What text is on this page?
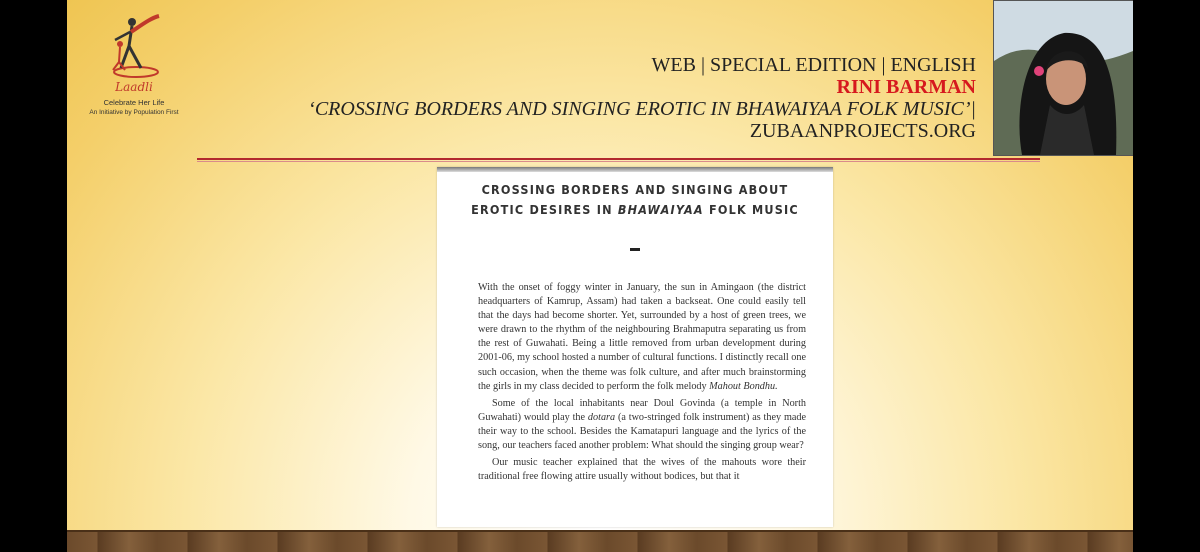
Laadli
Celebrate Her Life
An Initiative by Population First
WEB | SPECIAL EDITION | ENGLISH
RINI BARMAN
‘CROSSING BORDERS AND SINGING EROTIC IN BHAWAIYAA FOLK MUSIC’|
ZUBAANPROJECTS.ORG
CROSSING BORDERS AND SINGING ABOUT
EROTIC DESIRES IN BHAWAIYAA FOLK MUSIC

With the onset of foggy winter in January, the sun in Amingaon (the district headquarters of Kamrup, Assam) had taken a backseat. One could easily tell that the days had become shorter. Yet, surrounded by a host of green trees, we were drawn to the rhythm of the neighbouring Brahmaputra separating us from the rest of Guwahati. Being a little removed from urban development during 2001-06, my school hosted a number of cultural functions. I distinctly recall one such occasion, when the theme was folk culture, and after much brainstorming the girls in my class decided to perform the folk melody Mahout Bondhu.

Some of the local inhabitants near Doul Govinda (a temple in North Guwahati) would play the dotara (a two-stringed folk instrument) as they made their way to the school. Besides the Kamatapuri language and the lyrics of the song, our teachers faced another problem: What should the singing group wear?

Our music teacher explained that the wives of the mahouts wore their traditional free flowing attire usually without bodices, but that it
